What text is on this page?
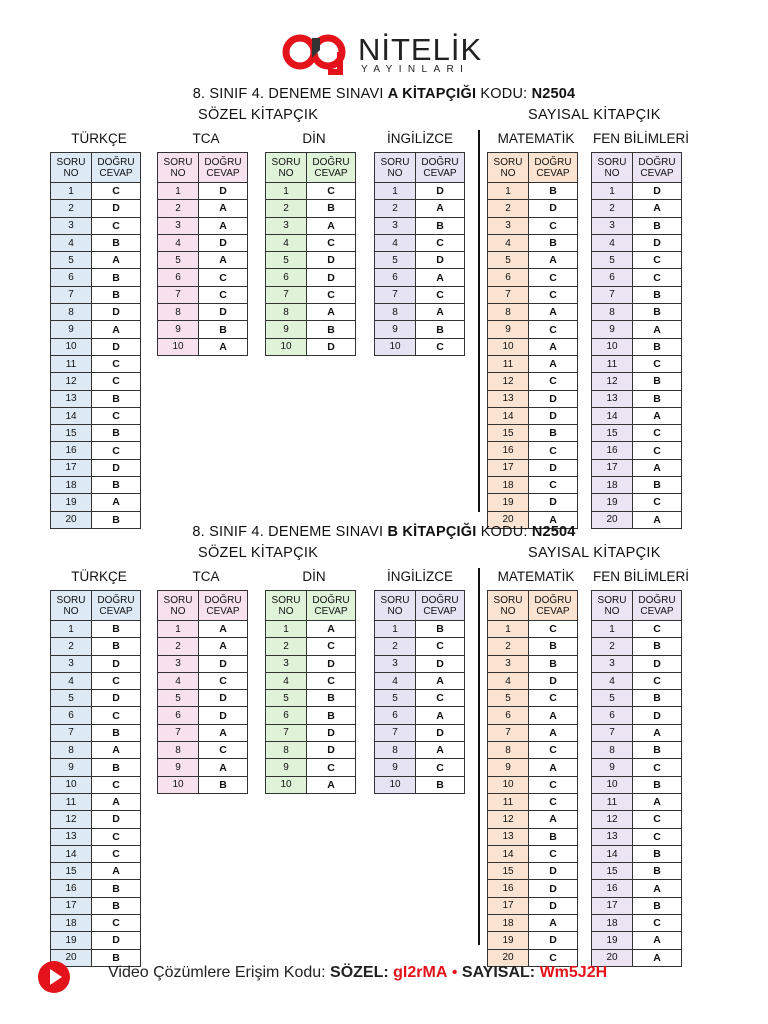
NİTELİK
YAYINLARI
8. SINIF 4. DENEME SINAVI A KİTAPÇIĞI KODU: N2504
SÖZEL KİTAPÇIK	SAYISAL KİTAPÇIK
TÜRKÇE
SORU
NO	DOĞRU
CEVAP
1	C
2	D
3	C
4	B
5	A
6	B
7	B
8	D
9	A
10	D
11	C
12	C
13	B
14	C
15	B
16	C
17	D
18	B
19	A
20	B
TCA
SORU
NO	DOĞRU
CEVAP
1	D
2	A
3	A
4	D
5	A
6	C
7	C
8	D
9	B
10	A
DİN
SORU
NO	DOĞRU
CEVAP
1	C
2	B
3	A
4	C
5	D
6	D
7	C
8	A
9	B
10	D
İNGİLİZCE
SORU
NO	DOĞRU
CEVAP
1	D
2	A
3	B
4	C
5	D
6	A
7	C
8	A
9	B
10	C
MATEMATİK
SORU
NO	DOĞRU
CEVAP
1	B
2	D
3	C
4	B
5	A
6	C
7	C
8	A
9	C
10	A
11	A
12	C
13	D
14	D
15	B
16	C
17	D
18	C
19	D
20	A
FEN BİLİMLERİ
SORU
NO	DOĞRU
CEVAP
1	D
2	A
3	B
4	D
5	C
6	C
7	B
8	B
9	A
10	B
11	C
12	B
13	B
14	A
15	C
16	C
17	A
18	B
19	C
20	A
8. SINIF 4. DENEME SINAVI B KİTAPÇIĞI KODU: N2504
SÖZEL KİTAPÇIK	SAYISAL KİTAPÇIK
TÜRKÇE
SORU
NO	DOĞRU
CEVAP
1	B
2	B
3	D
4	C
5	D
6	C
7	B
8	A
9	B
10	C
11	A
12	D
13	C
14	C
15	A
16	B
17	B
18	C
19	D
20	B
TCA
SORU
NO	DOĞRU
CEVAP
1	A
2	A
3	D
4	C
5	D
6	D
7	A
8	C
9	A
10	B
DİN
SORU
NO	DOĞRU
CEVAP
1	A
2	C
3	D
4	C
5	B
6	B
7	D
8	D
9	C
10	A
İNGİLİZCE
SORU
NO	DOĞRU
CEVAP
1	B
2	C
3	D
4	A
5	C
6	A
7	D
8	A
9	C
10	B
MATEMATİK
SORU
NO	DOĞRU
CEVAP
1	C
2	B
3	B
4	D
5	C
6	A
7	A
8	C
9	A
10	C
11	C
12	A
13	B
14	C
15	D
16	D
17	D
18	A
19	D
20	C
FEN BİLİMLERİ
SORU
NO	DOĞRU
CEVAP
1	C
2	B
3	D
4	C
5	B
6	D
7	A
8	B
9	C
10	B
11	A
12	C
13	C
14	B
15	B
16	A
17	B
18	C
19	A
20	A
Video Çözümlere Erişim Kodu: SÖZEL: gI2rMA • SAYISAL: Wm5J2H
